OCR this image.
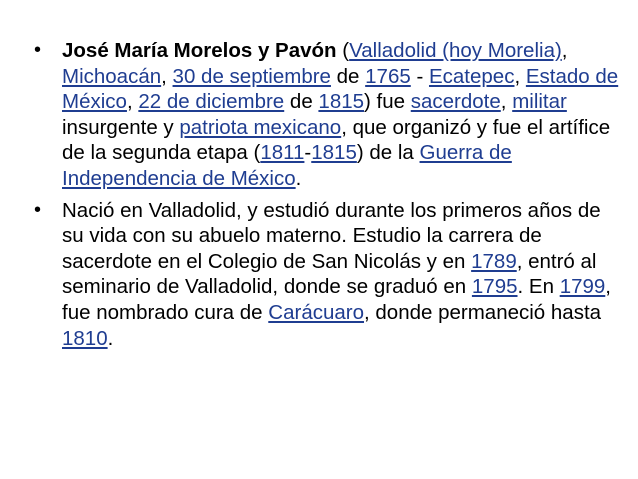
• José María Morelos y Pavón (Valladolid (hoy Morelia), Michoacán, 30 de septiembre de 1765 - Ecatepec, Estado de México, 22 de diciembre de 1815) fue sacerdote, militar insurgente y patriota mexicano, que organizó y fue el artífice de la segunda etapa (1811-1815) de la Guerra de Independencia de México.
• Nació en Valladolid, y estudió durante los primeros años de su vida con su abuelo materno. Estudio la carrera de sacerdote en el Colegio de San Nicolás y en 1789, entró al seminario de Valladolid, donde se graduó en 1795. En 1799, fue nombrado cura de Carácuaro, donde permaneció hasta 1810.
